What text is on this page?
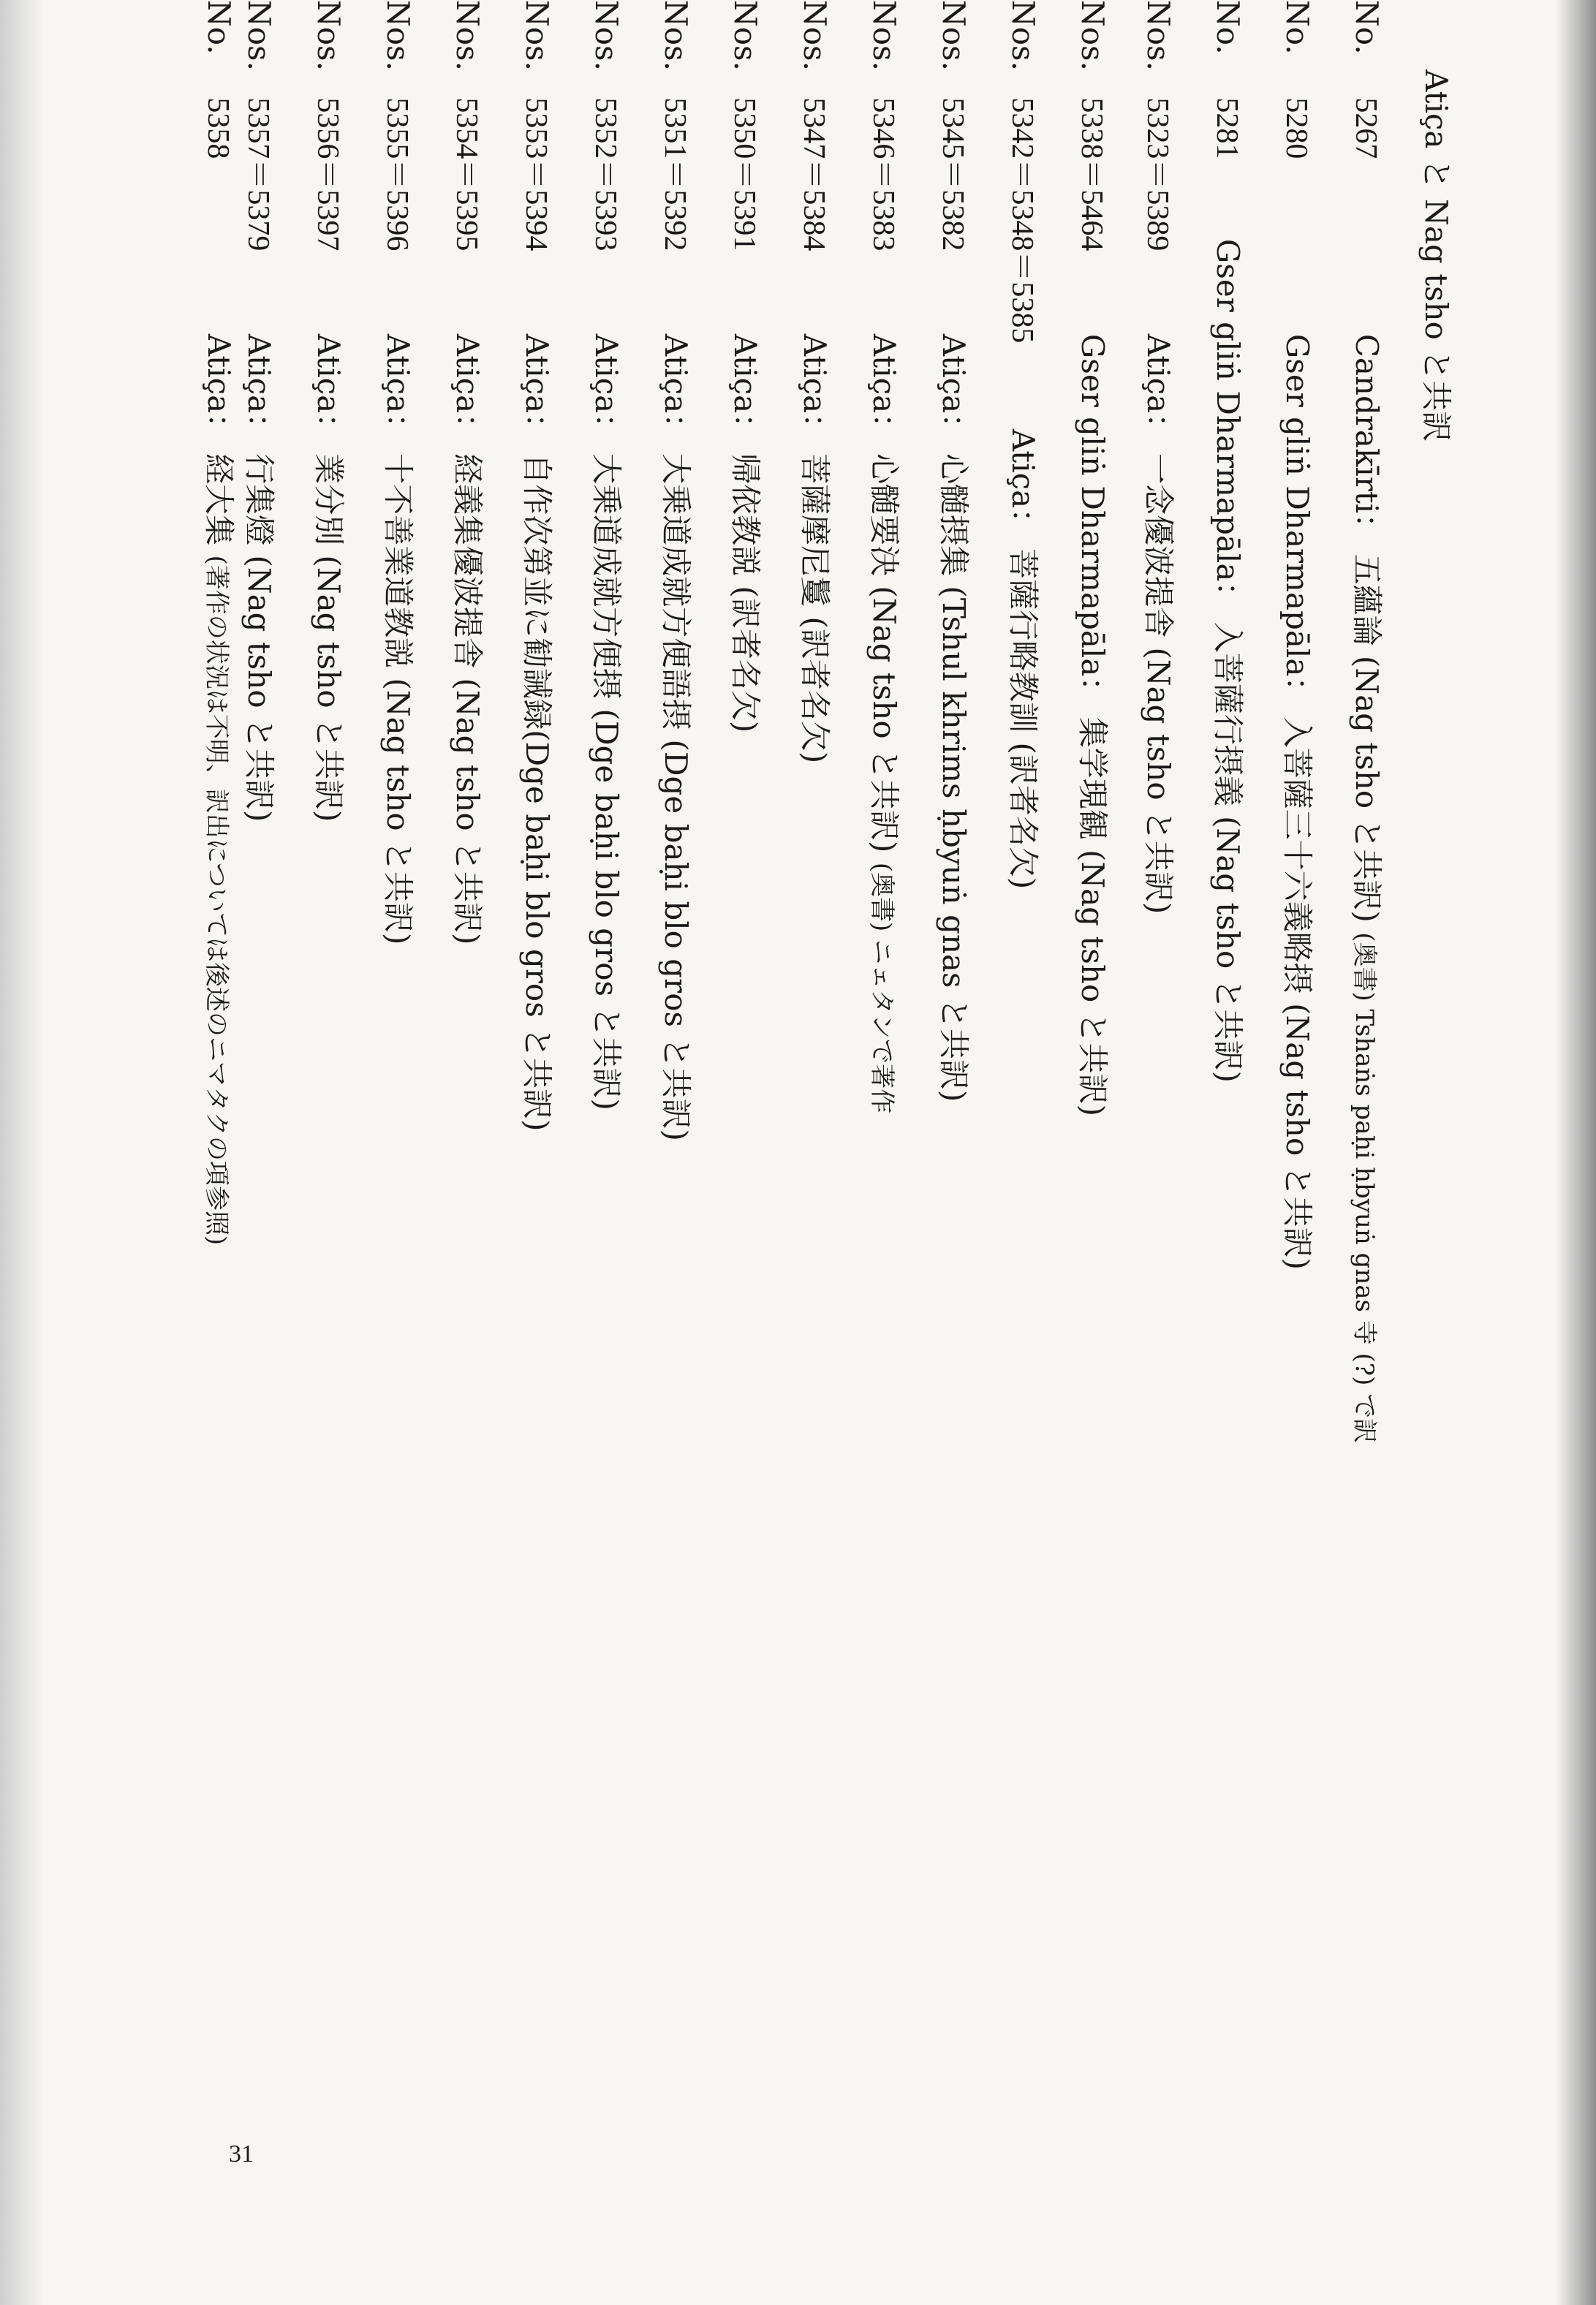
Atiça と Nag tsho と共訳
No. 5267 Candrakīrti： 五蘊論 (Nag tsho と共訳) (奥書) Tshaṅs paḥi ḥbyuṅ gnas 寺 (?) で訳
No. 5280 Gser gliṅ Dharmapāla： 入菩薩三十六義略摂 (Nag tsho と共訳)
No. 5281 Gser gliṅ Dharmapāla： 入菩薩行摂義 (Nag tsho と共訳)
Nos. 5323＝5389 Atiça： 一念優波提舎 (Nag tsho と共訳)
Nos. 5338＝5464 Gser gliṅ Dharmapāla： 集学現観 (Nag tsho と共訳)
Nos. 5342＝5348＝5385 Atiça： 菩薩行略教訓 (訳者名欠)
Nos. 5345＝5382 Atiça： 心髄摂集 (Tshul khrims ḥbyuṅ gnas と共訳)
Nos. 5346＝5383 Atiça： 心髄要決 (Nag tsho と共訳) (奥書) ニェタンで著作
Nos. 5347＝5384 Atiça： 菩薩摩尼鬘 (訳者名欠)
Nos. 5350＝5391 Atiça： 帰依教説 (訳者名欠)
Nos. 5351＝5392 Atiça： 大乗道成就方便語摂 (Dge baḥi blo gros と共訳)
Nos. 5352＝5393 Atiça： 大乗道成就方便摂 (Dge baḥi blo gros と共訳)
Nos. 5353＝5394 Atiça： 自作次第並に勧誡録(Dge baḥi blo gros と共訳)
Nos. 5354＝5395 Atiça： 経義集優波提舎 (Nag tsho と共訳)
Nos. 5355＝5396 Atiça： 十不善業道教説 (Nag tsho と共訳)
Nos. 5356＝5397 Atiça： 業分別 (Nag tsho と共訳)
Nos. 5357＝5379 Atiça： 行集燈 (Nag tsho と共訳)
No. 5358 Atiça： 経大集 (著作の状況は不明、訳出については後述のニマタクの項参照)
31
